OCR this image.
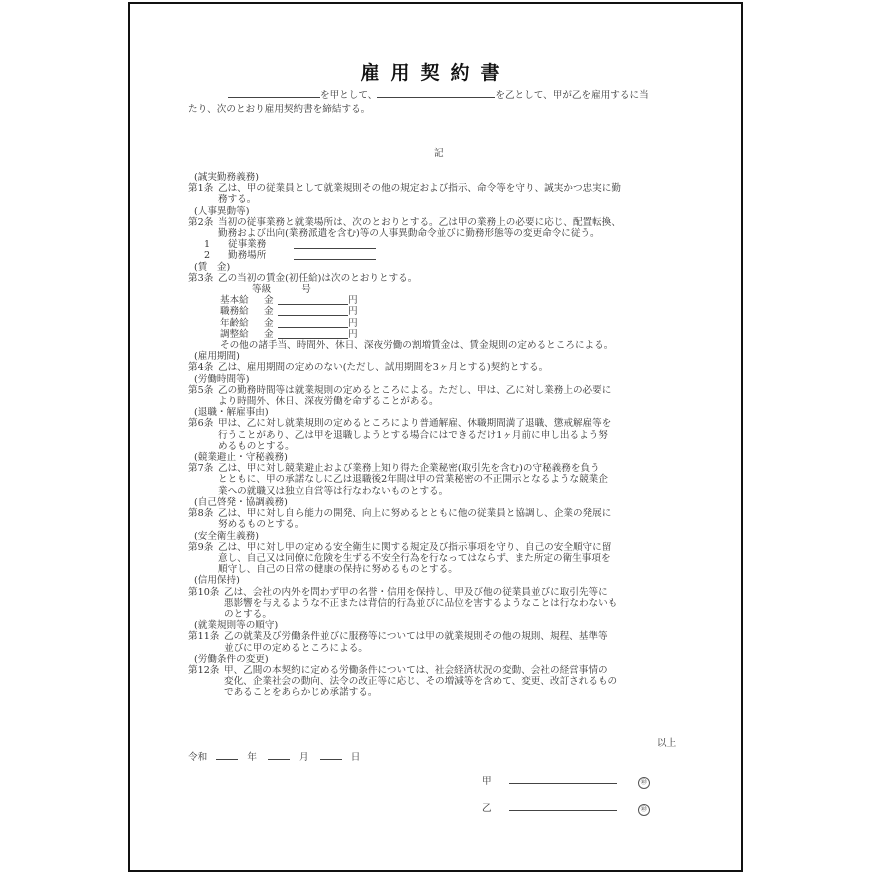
雇用契約書
を甲として、	を乙として、甲が乙を雇用するに当
たり、次のとおり雇用契約書を締結する。
記
(誠実勤務義務)
第1条 乙は、甲の従業員として就業規則その他の規定および指示、命令等を守り、誠実かつ忠実に勤
務する。
(人事異動等)
第2条 当初の従事業務と就業場所は、次のとおりとする。乙は甲の業務上の必要に応じ、配置転換、
勤務および出向(業務派遣を含む)等の人事異動命令並びに勤務形態等の変更命令に従う。
1	従事業務
2	勤務場所
(賃　金)
第3条 乙の当初の賃金(初任給)は次のとおりとする。
等級	号
基本給	金	円
職務給	金	円
年齢給	金	円
調整給	金	円
その他の諸手当、時間外、休日、深夜労働の割増賃金は、賃金規則の定めるところによる。
(雇用期間)
第4条 乙は、雇用期間の定めのない(ただし、試用期間を3ヶ月とする)契約とする。
(労働時間等)
第5条 乙の勤務時間等は就業規則の定めるところによる。ただし、甲は、乙に対し業務上の必要に
より時間外、休日、深夜労働を命ずることがある。
(退職・解雇事由)
第6条 甲は、乙に対し就業規則の定めるところにより普通解雇、休職期間満了退職、懲戒解雇等を
行うことがあり、乙は甲を退職しようとする場合にはできるだけ1ヶ月前に申し出るよう努
めるものとする。
(競業避止・守秘義務)
第7条 乙は、甲に対し競業避止および業務上知り得た企業秘密(取引先を含む)の守秘義務を負う
とともに、甲の承諾なしに乙は退職後2年間は甲の営業秘密の不正開示となるような競業企
業への就職又は独立自営等は行なわないものとする。
(自己啓発・協調義務)
第8条 乙は、甲に対し自ら能力の開発、向上に努めるとともに他の従業員と協調し、企業の発展に
努めるものとする。
(安全衛生義務)
第9条 乙は、甲に対し甲の定める安全衛生に関する規定及び指示事項を守り、自己の安全順守に留
意し、自己又は同僚に危険を生ずる不安全行為を行なってはならず、また所定の衛生事項を
順守し、自己の日常の健康の保持に努めるものとする。
(信用保持)
第10条 乙は、会社の内外を問わず甲の名誉・信用を保持し、甲及び他の従業員並びに取引先等に
悪影響を与えるような不正または背信的行為並びに品位を害するようなことは行なわないも
のとする。
(就業規則等の順守)
第11条 乙の就業及び労働条件並びに服務等については甲の就業規則その他の規則、規程、基準等
並びに甲の定めるところによる。
(労働条件の変更)
第12条 甲、乙間の本契約に定める労働条件については、社会経済状況の変動、会社の経営事情の
変化、企業社会の動向、法令の改正等に応じ、その増減等を含めて、変更、改訂されるもの
であることをあらかじめ承諾する。
以上
令和	年	月	日
甲	㊞
乙	㊞
